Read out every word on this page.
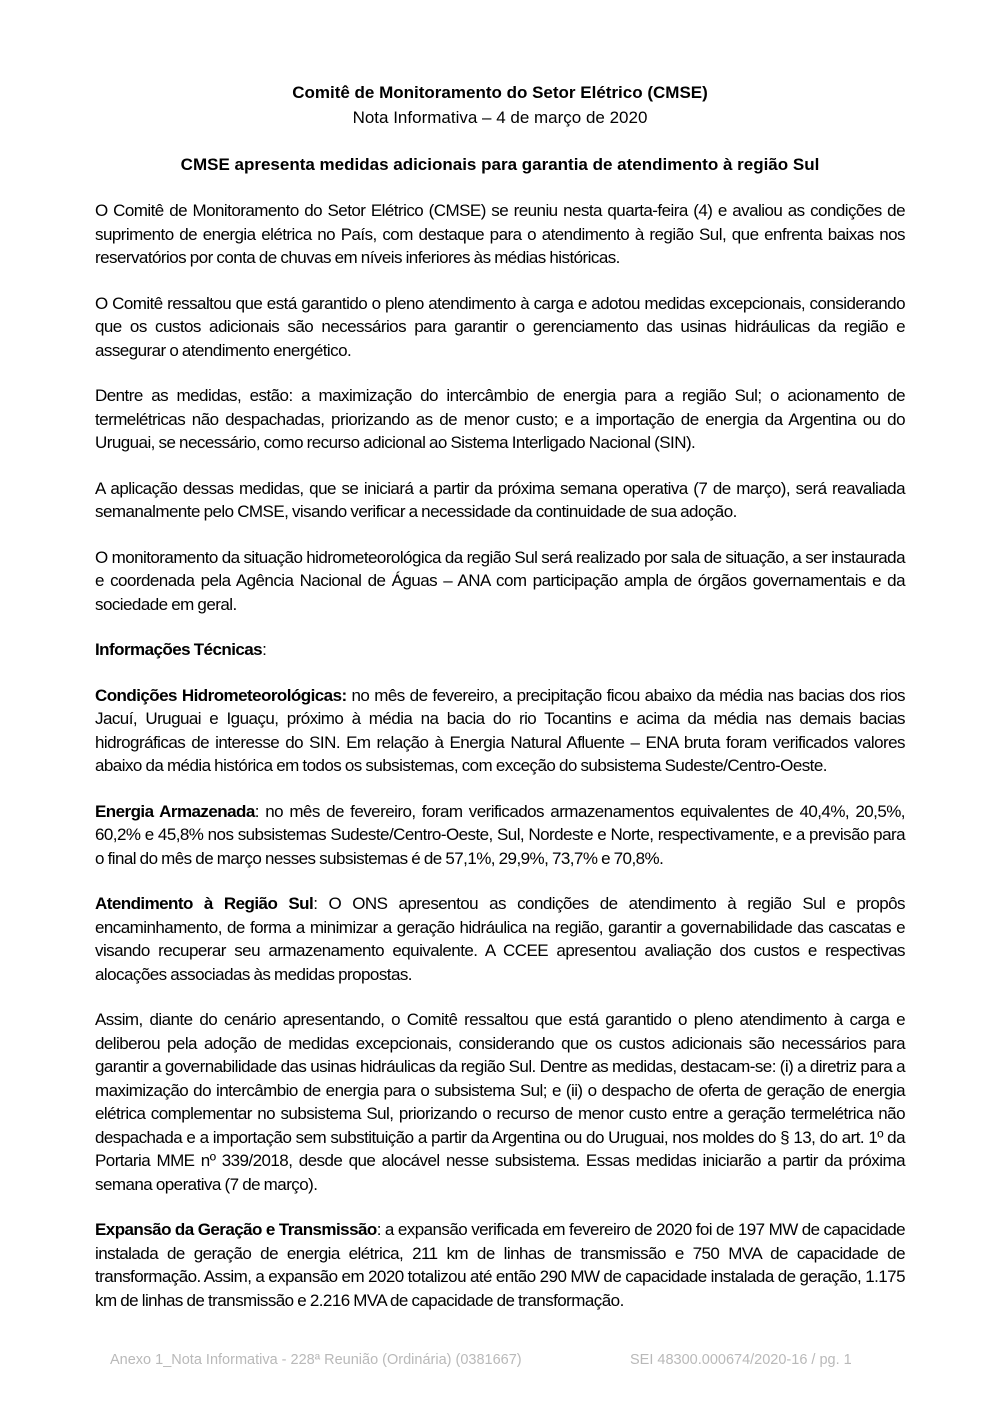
Comitê de Monitoramento do Setor Elétrico (CMSE)
Nota Informativa – 4 de março de 2020
CMSE apresenta medidas adicionais para garantia de atendimento à região Sul

O Comitê de Monitoramento do Setor Elétrico (CMSE) se reuniu nesta quarta-feira (4) e avaliou as condições de suprimento de energia elétrica no País, com destaque para o atendimento à região Sul, que enfrenta baixas nos reservatórios por conta de chuvas em níveis inferiores às médias históricas.

O Comitê ressaltou que está garantido o pleno atendimento à carga e adotou medidas excepcionais, considerando que os custos adicionais são necessários para garantir o gerenciamento das usinas hidráulicas da região e assegurar o atendimento energético.

Dentre as medidas, estão: a maximização do intercâmbio de energia para a região Sul; o acionamento de termelétricas não despachadas, priorizando as de menor custo; e a importação de energia da Argentina ou do Uruguai, se necessário, como recurso adicional ao Sistema Interligado Nacional (SIN).

A aplicação dessas medidas, que se iniciará a partir da próxima semana operativa (7 de março), será reavaliada semanalmente pelo CMSE, visando verificar a necessidade da continuidade de sua adoção.

O monitoramento da situação hidrometeorológica da região Sul será realizado por sala de situação, a ser instaurada e coordenada pela Agência Nacional de Águas – ANA com participação ampla de órgãos governamentais e da sociedade em geral.

Informações Técnicas:

Condições Hidrometeorológicas: no mês de fevereiro, a precipitação ficou abaixo da média nas bacias dos rios Jacuí, Uruguai e Iguaçu, próximo à média na bacia do rio Tocantins e acima da média nas demais bacias hidrográficas de interesse do SIN. Em relação à Energia Natural Afluente – ENA bruta foram verificados valores abaixo da média histórica em todos os subsistemas, com exceção do subsistema Sudeste/Centro-Oeste.

Energia Armazenada: no mês de fevereiro, foram verificados armazenamentos equivalentes de 40,4%, 20,5%, 60,2% e 45,8% nos subsistemas Sudeste/Centro-Oeste, Sul, Nordeste e Norte, respectivamente, e a previsão para o final do mês de março nesses subsistemas é de 57,1%, 29,9%, 73,7% e 70,8%.

Atendimento à Região Sul: O ONS apresentou as condições de atendimento à região Sul e propôs encaminhamento, de forma a minimizar a geração hidráulica na região, garantir a governabilidade das cascatas e visando recuperar seu armazenamento equivalente. A CCEE apresentou avaliação dos custos e respectivas alocações associadas às medidas propostas.

Assim, diante do cenário apresentando, o Comitê ressaltou que está garantido o pleno atendimento à carga e deliberou pela adoção de medidas excepcionais, considerando que os custos adicionais são necessários para garantir a governabilidade das usinas hidráulicas da região Sul. Dentre as medidas, destacam-se: (i) a diretriz para a maximização do intercâmbio de energia para o subsistema Sul; e (ii) o despacho de oferta de geração de energia elétrica complementar no subsistema Sul, priorizando o recurso de menor custo entre a geração termelétrica não despachada e a importação sem substituição a partir da Argentina ou do Uruguai, nos moldes do § 13, do art. 1º da Portaria MME nº 339/2018, desde que alocável nesse subsistema. Essas medidas iniciarão a partir da próxima semana operativa (7 de março).

Expansão da Geração e Transmissão: a expansão verificada em fevereiro de 2020 foi de 197 MW de capacidade instalada de geração de energia elétrica, 211 km de linhas de transmissão e 750 MVA de capacidade de transformação. Assim, a expansão em 2020 totalizou até então 290 MW de capacidade instalada de geração, 1.175 km de linhas de transmissão e 2.216 MVA de capacidade de transformação.

Anexo 1_Nota Informativa - 228ª Reunião (Ordinária) (0381667)	SEI 48300.000674/2020-16 / pg. 1
